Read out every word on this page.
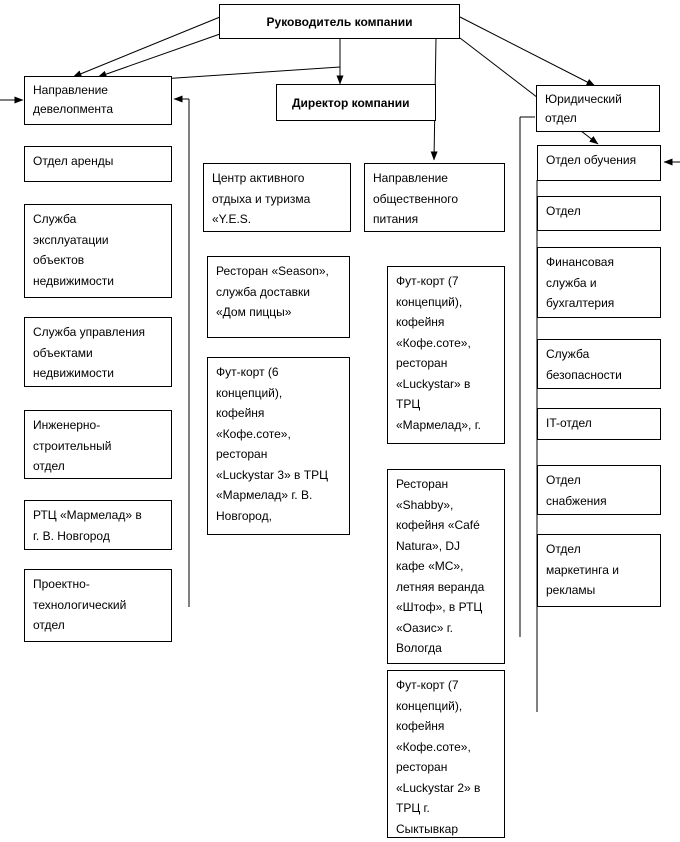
Руководитель компании
Директор компании
Направление
девелопмента
Отдел аренды
Служба
эксплуатации
объектов
недвижимости
Служба управления
объектами
недвижимости
Инженерно-
строительный
отдел
РТЦ «Мармелад» в
г. В. Новгород
Проектно-
технологический
отдел
Центр активного
отдыха и туризма
«Y.E.S.
Ресторан «Season»,
служба доставки
«Дом пиццы»
Фут-корт (6
концепций),
кофейня
«Кофе.соте»,
ресторан
«Luckystar 3» в ТРЦ
«Мармелад» г. В.
Новгород,
Направление
общественного
питания
Фут-корт (7
концепций),
кофейня
«Кофе.соте»,
ресторан
«Luckystar» в
ТРЦ
«Мармелад», г.
Ресторан
«Shabby»,
кофейня «Café
Natura», DJ
кафе «МС»,
летняя веранда
«Штоф», в РТЦ
«Оазис» г.
Вологда
Фут-корт (7
концепций),
кофейня
«Кофе.соте»,
ресторан
«Luckystar 2» в
ТРЦ г.
Сыктывкар
Юридический
отдел
Отдел обучения
Отдел
Финансовая
служба и
бухгалтерия
Служба
безопасности
IT-отдел
Отдел
снабжения
Отдел
маркетинга и
рекламы
